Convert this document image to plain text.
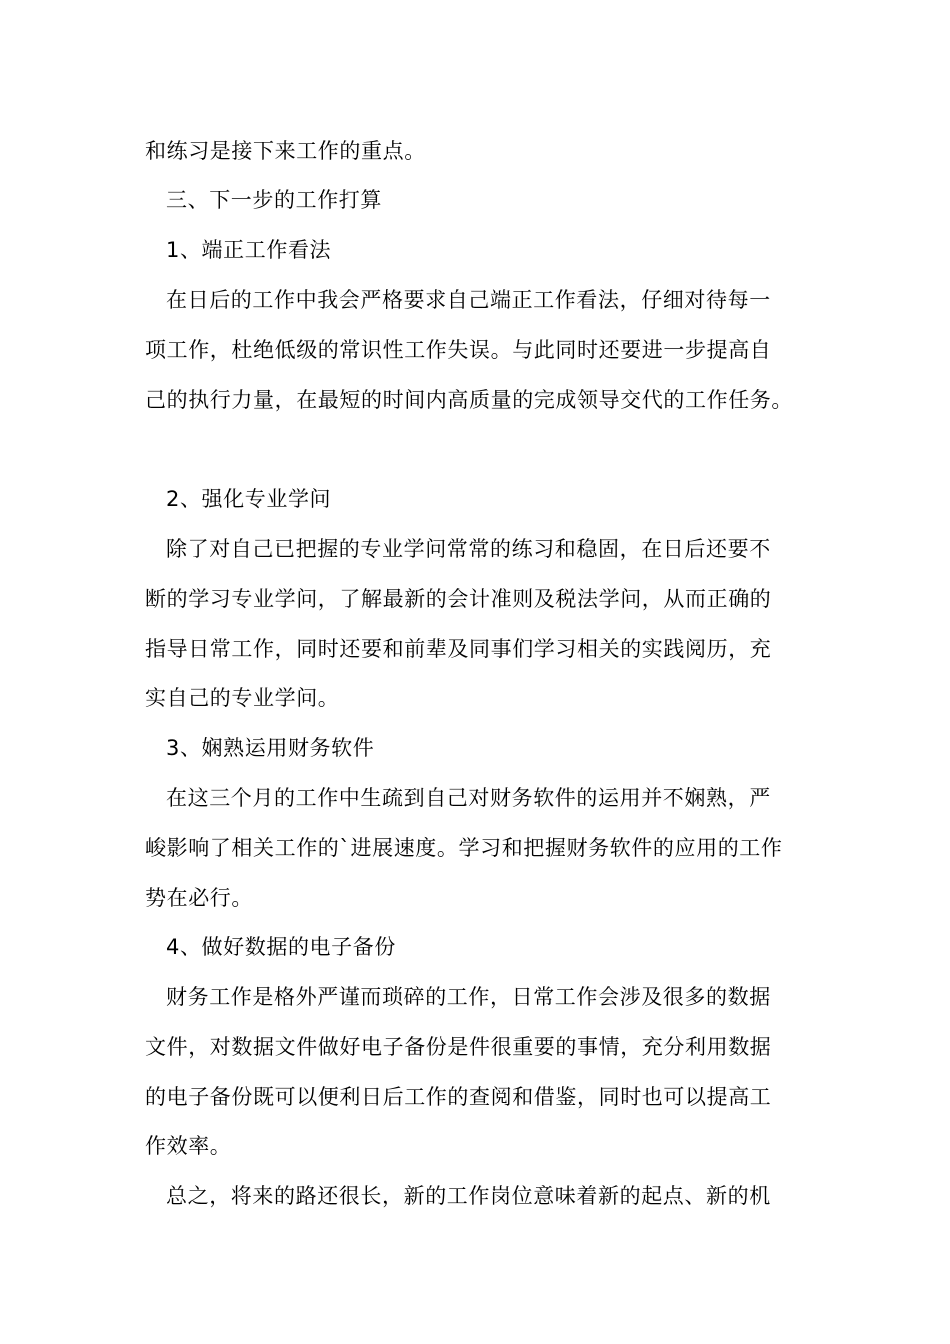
和练习是接下来工作的重点。
三、下一步的工作打算
1、端正工作看法
在日后的工作中我会严格要求自己端正工作看法，仔细对待每一
项工作，杜绝低级的常识性工作失误。与此同时还要进一步提高自
己的执行力量，在最短的时间内高质量的完成领导交代的工作任务。
2、强化专业学问
除了对自己已把握的专业学问常常的练习和稳固，在日后还要不
断的学习专业学问，了解最新的会计准则及税法学问，从而正确的
指导日常工作，同时还要和前辈及同事们学习相关的实践阅历，充
实自己的专业学问。
3、娴熟运用财务软件
在这三个月的工作中生疏到自己对财务软件的运用并不娴熟，严
峻影响了相关工作的`进展速度。学习和把握财务软件的应用的工作
势在必行。
4、做好数据的电子备份
财务工作是格外严谨而琐碎的工作，日常工作会涉及很多的数据
文件，对数据文件做好电子备份是件很重要的事情，充分利用数据
的电子备份既可以便利日后工作的查阅和借鉴，同时也可以提高工
作效率。
总之，将来的路还很长，新的工作岗位意味着新的起点、新的机
